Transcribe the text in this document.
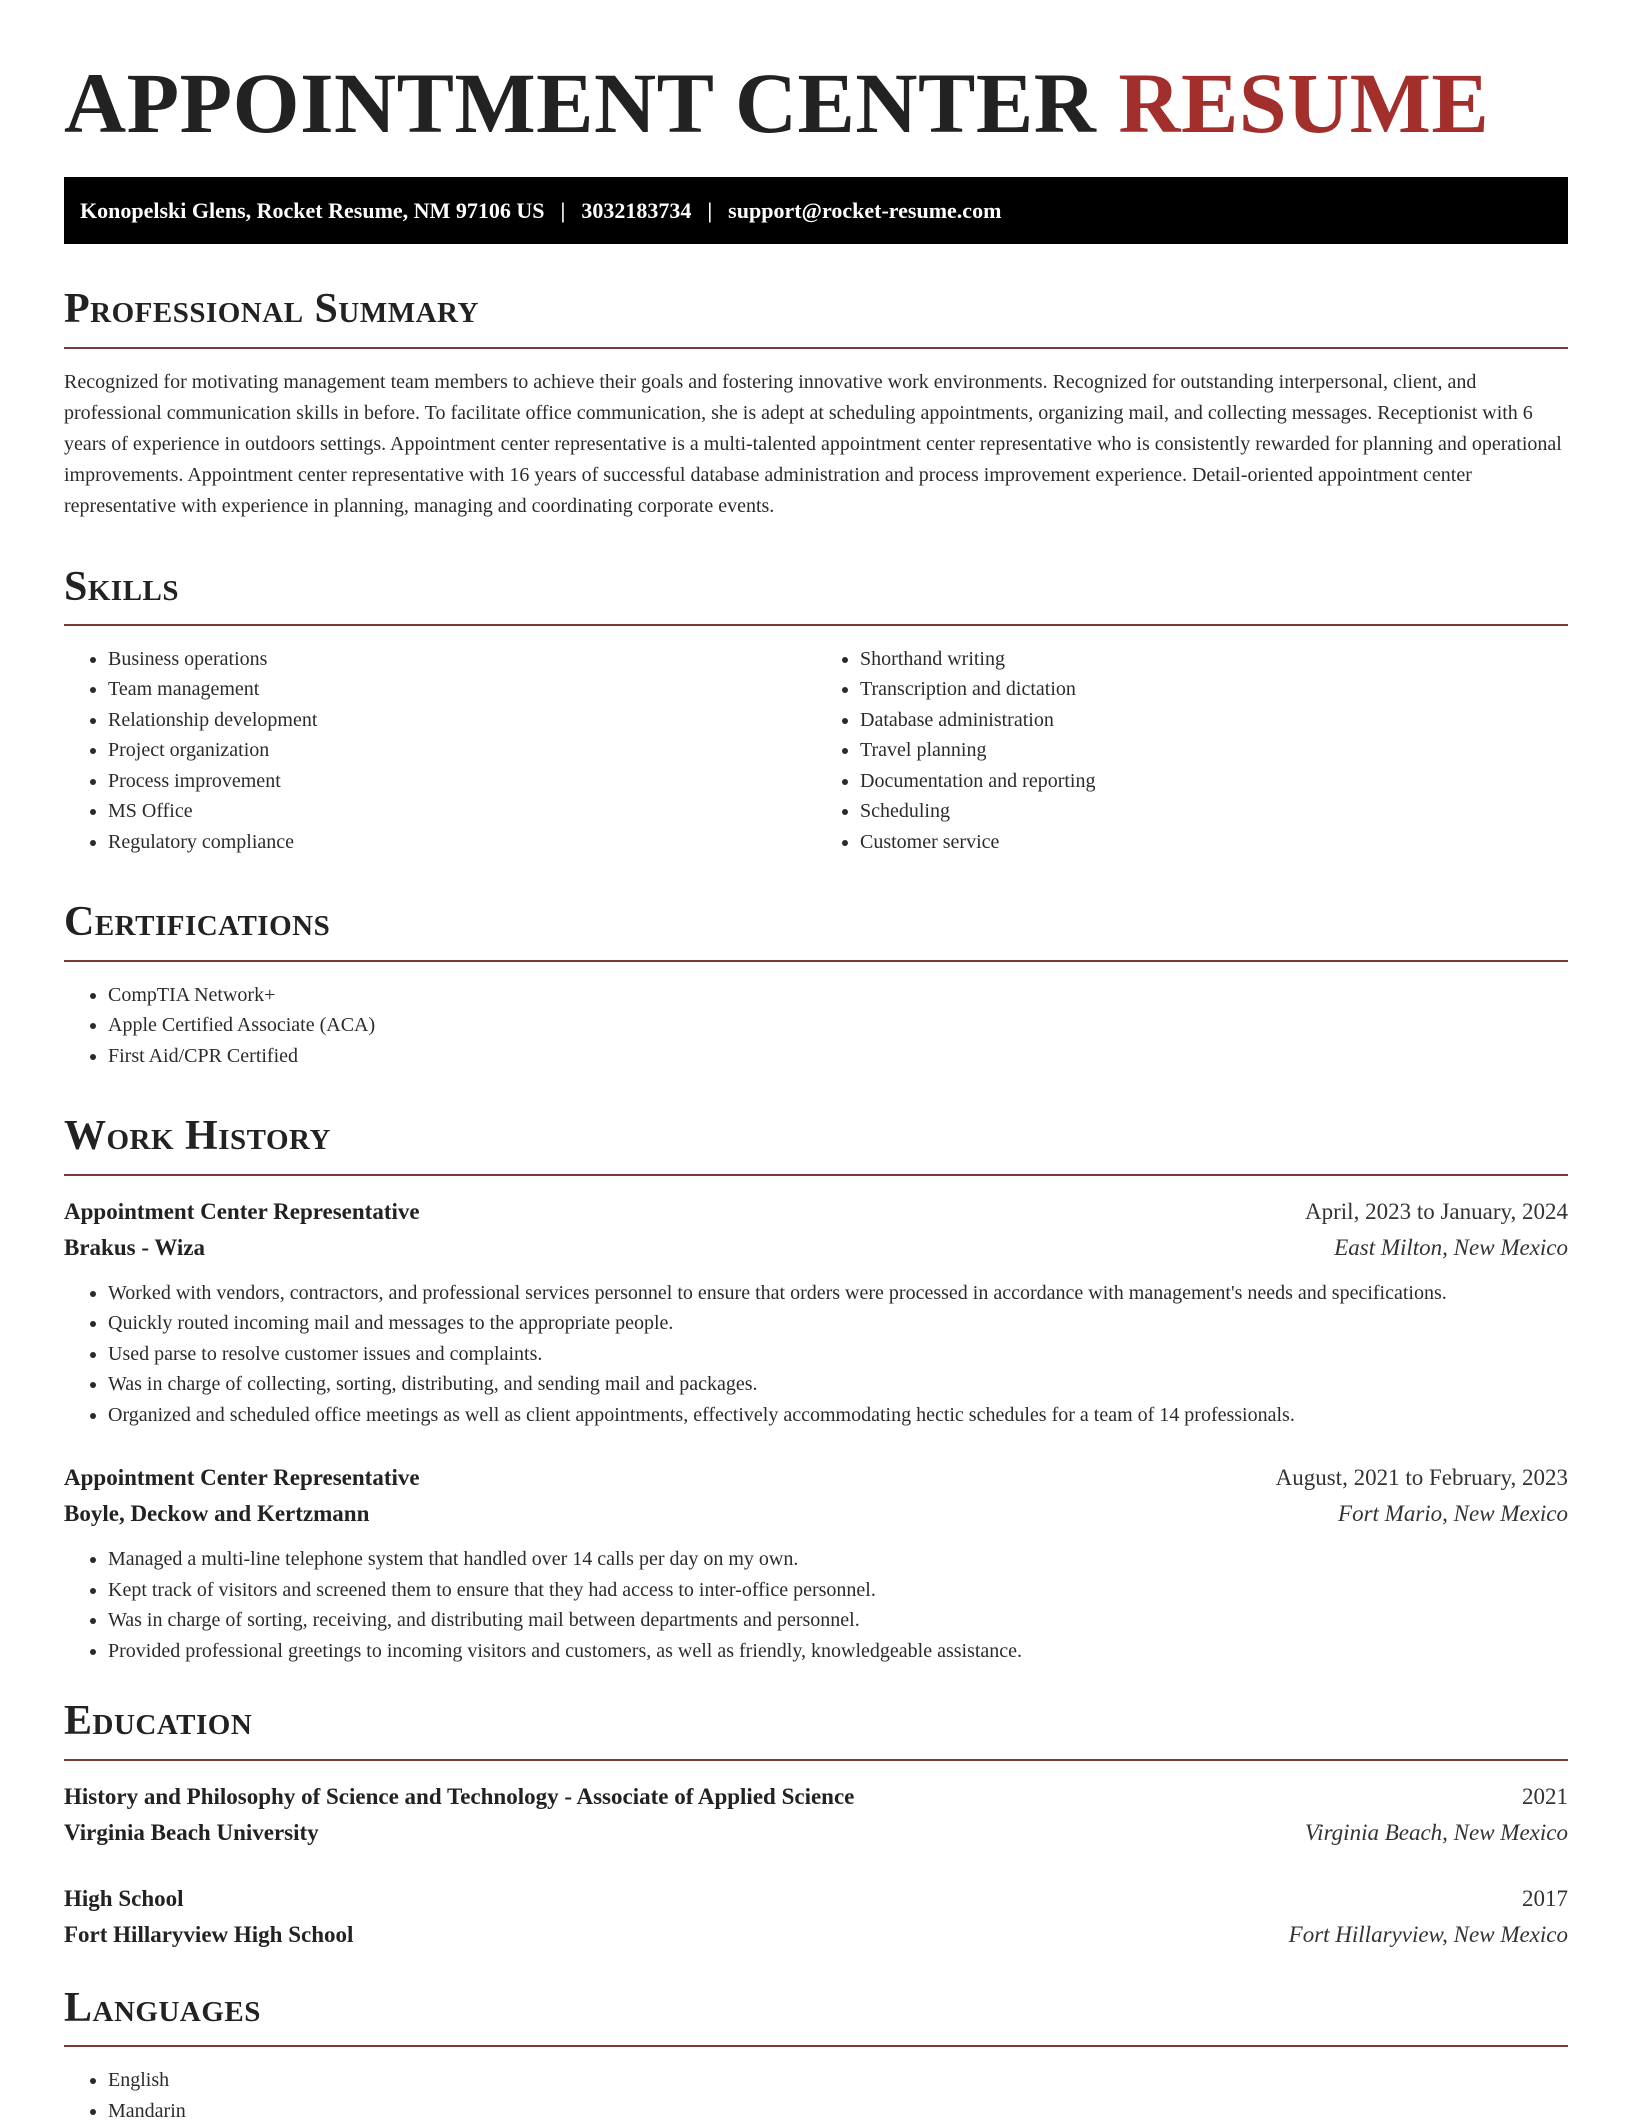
APPOINTMENT CENTER RESUME
Konopelski Glens, Rocket Resume, NM 97106 US | 3032183734 | support@rocket-resume.com
Professional Summary

Recognized for motivating management team members to achieve their goals and fostering innovative work environments. Recognized for outstanding interpersonal, client, and professional communication skills in before. To facilitate office communication, she is adept at scheduling appointments, organizing mail, and collecting messages. Receptionist with 6 years of experience in outdoors settings. Appointment center representative is a multi-talented appointment center representative who is consistently rewarded for planning and operational improvements. Appointment center representative with 16 years of successful database administration and process improvement experience. Detail-oriented appointment center representative with experience in planning, managing and coordinating corporate events.

Skills
• Business operations
• Team management
• Relationship development
• Project organization
• Process improvement
• MS Office
• Regulatory compliance
• Shorthand writing
• Transcription and dictation
• Database administration
• Travel planning
• Documentation and reporting
• Scheduling
• Customer service
Certifications
• CompTIA Network+
• Apple Certified Associate (ACA)
• First Aid/CPR Certified
Work History
Appointment Center Representative	April, 2023 to January, 2024
Brakus - Wiza	East Milton, New Mexico
• Worked with vendors, contractors, and professional services personnel to ensure that orders were processed in accordance with management's needs and specifications.
• Quickly routed incoming mail and messages to the appropriate people.
• Used parse to resolve customer issues and complaints.
• Was in charge of collecting, sorting, distributing, and sending mail and packages.
• Organized and scheduled office meetings as well as client appointments, effectively accommodating hectic schedules for a team of 14 professionals.
Appointment Center Representative	August, 2021 to February, 2023
Boyle, Deckow and Kertzmann	Fort Mario, New Mexico
• Managed a multi-line telephone system that handled over 14 calls per day on my own.
• Kept track of visitors and screened them to ensure that they had access to inter-office personnel.
• Was in charge of sorting, receiving, and distributing mail between departments and personnel.
• Provided professional greetings to incoming visitors and customers, as well as friendly, knowledgeable assistance.
Education
History and Philosophy of Science and Technology - Associate of Applied Science	2021
Virginia Beach University	Virginia Beach, New Mexico
High School	2017
Fort Hillaryview High School	Fort Hillaryview, New Mexico
Languages
• English
• Mandarin
